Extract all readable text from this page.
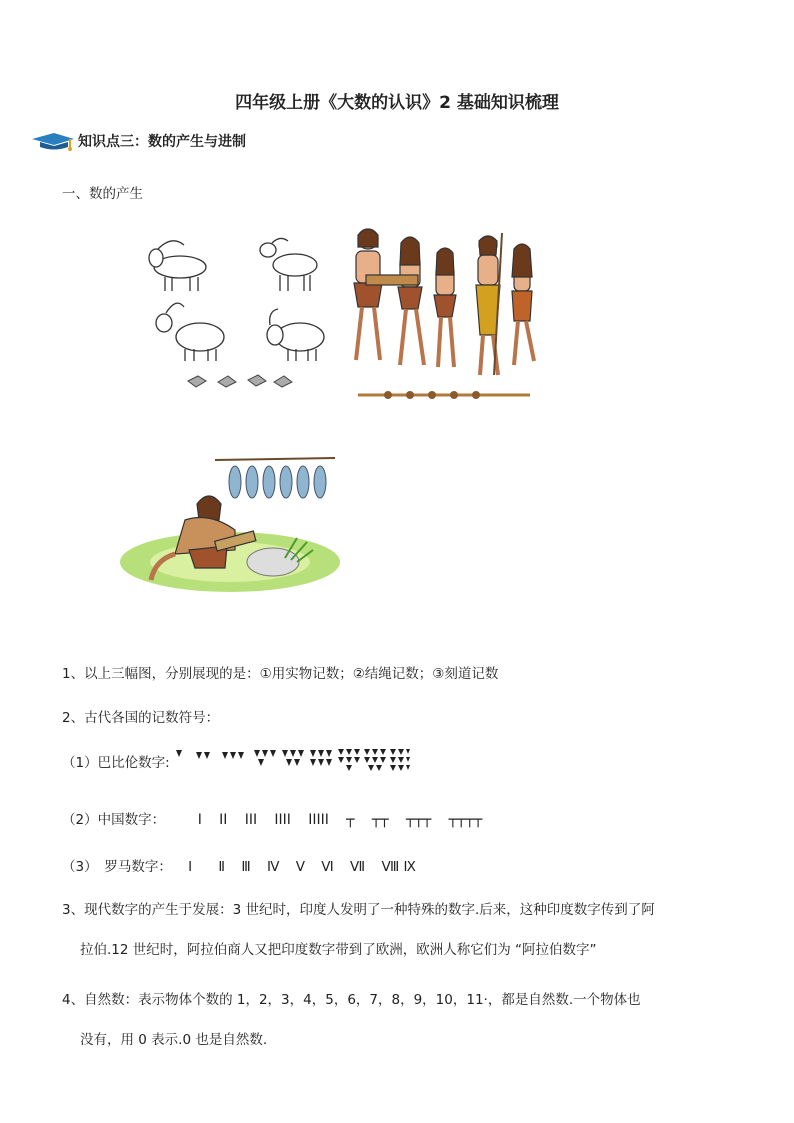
四年级上册《大数的认识》2 基础知识梳理
知识点三：数的产生与进制
一、数的产生
1、以上三幅图，分别展现的是：①用实物记数；②结绳记数；③刻道记数
2、古代各国的记数符号：
（1）巴比伦数字:
（2）中国数字： Ⅰ ⅠⅠ ⅠⅠⅠ ⅠⅠⅠⅠ ⅠⅠⅠⅠⅠ ┬ ┬┬ ┬┬┬ ┬┬┬┬
（3）　罗马数字： I Ⅱ Ⅲ Ⅳ Ⅴ Ⅵ Ⅶ Ⅷ Ⅸ
3、现代数字的产生于发展：3 世纪时，印度人发明了一种特殊的数字.后来，这种印度数字传到了阿
拉伯.12 世纪时，阿拉伯商人又把印度数字带到了欧洲，欧洲人称它们为 “阿拉伯数字”
4、自然数：表示物体个数的 1，2，3，4，5，6，7，8，9，10，11·，都是自然数.一个物体也
没有，用 0 表示.0 也是自然数.
